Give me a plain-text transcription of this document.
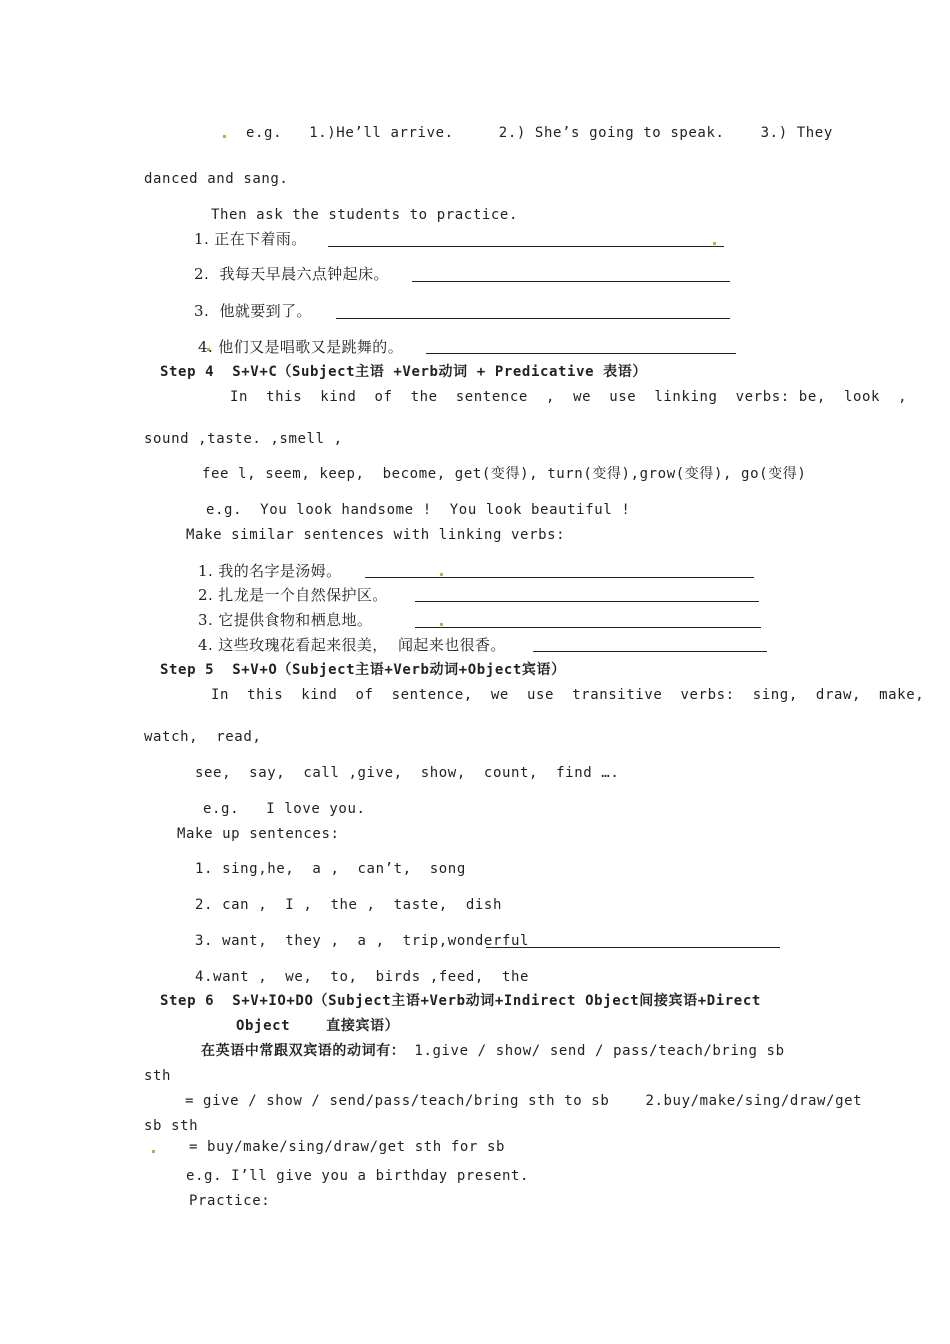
e.g.   1.)He’ll arrive.     2.) She’s going to speak.    3.) They
danced and sang.
Then ask the students to practice.
1. 正在下着雨。
2. 我每天早晨六点钟起床。
3. 他就要到了。
4. 他们又是唱歌又是跳舞的。
Step 4  S+V+C（Subject主语 +Verb动词 + Predicative 表语）
In  this  kind  of  the  sentence  ,  we  use  linking  verbs: be,  look  ,
sound ,taste. ,smell ,
fee l, seem, keep,  become, get(变得), turn(变得),grow(变得), go(变得)
e.g.  You look handsome !  You look beautiful !
Make similar sentences with linking verbs:
1. 我的名字是汤姆。
2. 扎龙是一个自然保护区。
3. 它提供食物和栖息地。
4. 这些玫瑰花看起来很美，  闻起来也很香。
Step 5  S+V+O（Subject主语+Verb动词+Object宾语）
In  this  kind  of  sentence,  we  use  transitive  verbs:  sing,  draw,  make,
watch,  read,
see,  say,  call ,give,  show,  count,  find ….
e.g.   I love you.
Make up sentences:
1. sing,he,  a ,  can’t,  song
2. can ,  I ,  the ,  taste,  dish
3. want,  they ,  a ,  trip,wonderful
4.want ,  we,  to,  birds ,feed,  the
Step 6  S+V+IO+DO（Subject主语+Verb动词+Indirect Object间接宾语+Direct
Object    直接宾语）
在英语中常跟双宾语的动词有： 1.give / show/ send / pass/teach/bring sb
sth
= give / show / send/pass/teach/bring sth to sb    2.buy/make/sing/draw/get
sb sth
= buy/make/sing/draw/get sth for sb
e.g. I’ll give you a birthday present.
Practice:
